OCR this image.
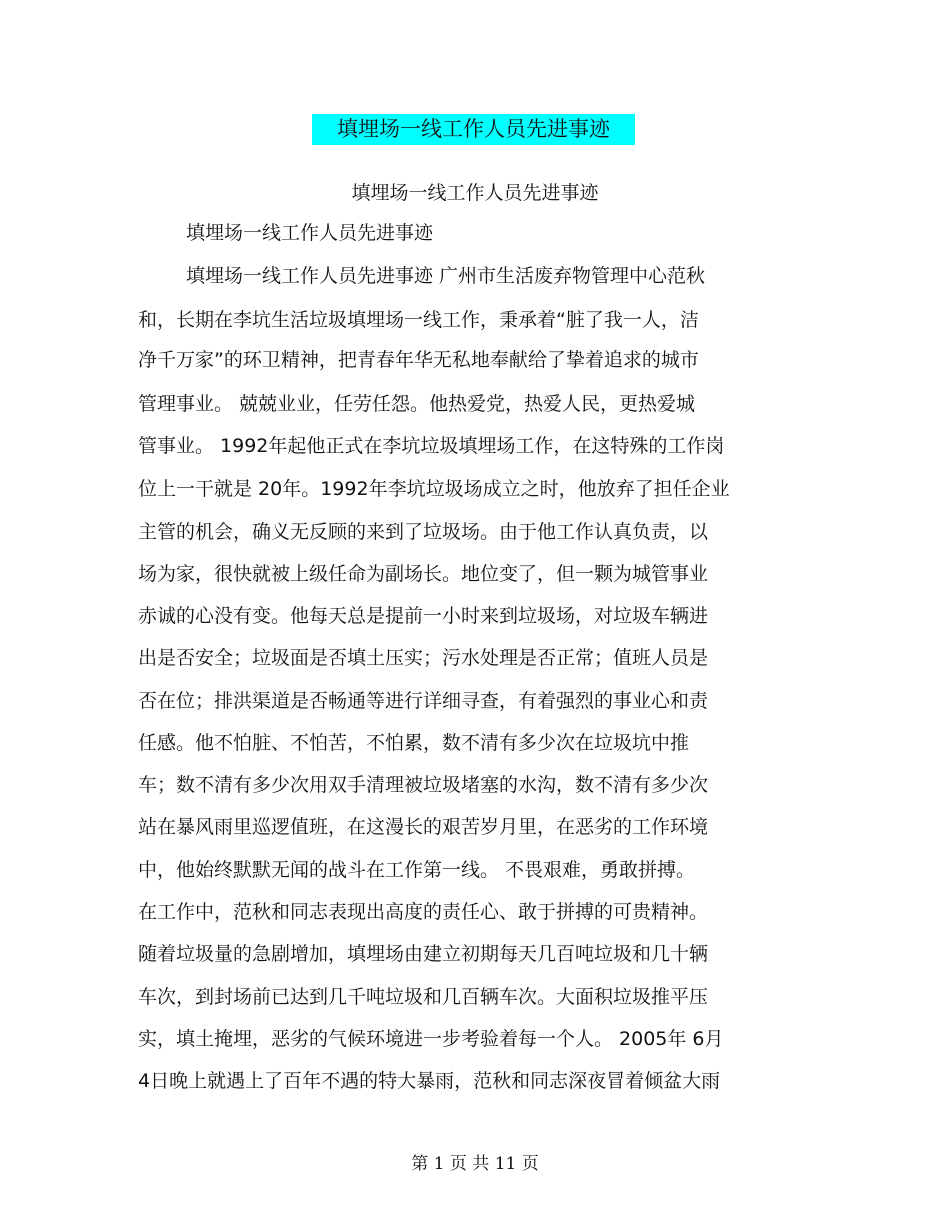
填埋场一线工作人员先进事迹
填埋场一线工作人员先进事迹
填埋场一线工作人员先进事迹
填埋场一线工作人员先进事迹 广州市生活废弃物管理中心范秋
和，长期在李坑生活垃圾填埋场一线工作，秉承着“脏了我一人，洁
净千万家”的环卫精神，把青春年华无私地奉献给了挚着追求的城市
管理事业。 兢兢业业，任劳任怨。他热爱党，热爱人民，更热爱城
管事业。 1992年起他正式在李坑垃圾填埋场工作，在这特殊的工作岗
位上一干就是 20年。1992年李坑垃圾场成立之时，他放弃了担任企业
主管的机会，确义无反顾的来到了垃圾场。由于他工作认真负责，以
场为家，很快就被上级任命为副场长。地位变了，但一颗为城管事业
赤诚的心没有变。他每天总是提前一小时来到垃圾场，对垃圾车辆进
出是否安全；垃圾面是否填土压实；污水处理是否正常；值班人员是
否在位；排洪渠道是否畅通等进行详细寻查，有着强烈的事业心和责
任感。他不怕脏、不怕苦，不怕累，数不清有多少次在垃圾坑中推
车；数不清有多少次用双手清理被垃圾堵塞的水沟，数不清有多少次
站在暴风雨里巡逻值班，在这漫长的艰苦岁月里，在恶劣的工作环境
中，他始终默默无闻的战斗在工作第一线。 不畏艰难，勇敢拼搏。
在工作中，范秋和同志表现出高度的责任心、敢于拼搏的可贵精神。
随着垃圾量的急剧增加，填埋场由建立初期每天几百吨垃圾和几十辆
车次，到封场前已达到几千吨垃圾和几百辆车次。大面积垃圾推平压
实，填土掩埋，恶劣的气候环境进一步考验着每一个人。 2005年 6月
4日晚上就遇上了百年不遇的特大暴雨，范秋和同志深夜冒着倾盆大雨
第 1 页 共 11 页
